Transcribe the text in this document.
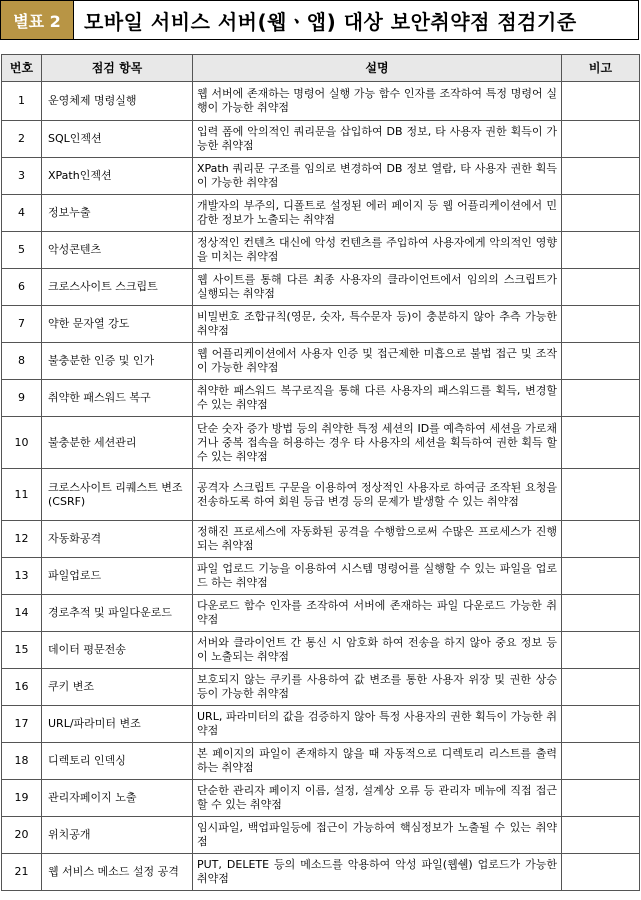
별표 2	모바일 서비스 서버(웹ㆍ앱) 대상 보안취약점 점검기준
번호	점검 항목	설명	비고
1	운영체제 명령실행	웹 서버에 존재하는 명령어 실행 가능 함수 인자를 조작하여 특정 명령어 실행이 가능한 취약점	
2	SQL인젝션	입력 폼에 악의적인 쿼리문을 삽입하여 DB 정보, 타 사용자 권한 획득이 가능한 취약점	
3	XPath인젝션	XPath 쿼리문 구조를 임의로 변경하여 DB 정보 열람, 타 사용자 권한 획득이 가능한 취약점	
4	정보누출	개발자의 부주의, 디폴트로 설정된 에러 페이지 등 웹 어플리케이션에서 민감한 정보가 노출되는 취약점	
5	악성콘텐츠	정상적인 컨텐츠 대신에 악성 컨텐츠를 주입하여 사용자에게 악의적인 영향을 미치는 취약점	
6	크로스사이트 스크립트	웹 사이트를 통해 다른 최종 사용자의 클라이언트에서 임의의 스크립트가 실행되는 취약점	
7	약한 문자열 강도	비밀번호 조합규칙(영문, 숫자, 특수문자 등)이 충분하지 않아 추측 가능한 취약점	
8	불충분한 인증 및 인가	웹 어플리케이션에서 사용자 인증 및 접근제한 미흡으로 불법 접근 및 조작이 가능한 취약점	
9	취약한 패스워드 복구	취약한 패스워드 복구로직을 통해 다른 사용자의 패스워드를 획득, 변경할 수 있는 취약점	
10	불충분한 세션관리	단순 숫자 증가 방법 등의 취약한 특정 세션의 ID를 예측하여 세션을 가로채거나 중복 접속을 허용하는 경우 타 사용자의 세션을 획득하여 권한 획득 할 수 있는 취약점	
11	크로스사이트 리퀘스트 변조(CSRF)	공격자 스크립트 구문을 이용하여 정상적인 사용자로 하여금 조작된 요청을 전송하도록 하여 회원 등급 변경 등의 문제가 발생할 수 있는 취약점	
12	자동화공격	정해진 프로세스에 자동화된 공격을 수행함으로써 수많은 프로세스가 진행되는 취약점	
13	파일업로드	파일 업로드 기능을 이용하여 시스템 명령어를 실행할 수 있는 파일을 업로드 하는 취약점	
14	경로추적 및 파일다운로드	다운로드 함수 인자를 조작하여 서버에 존재하는 파일 다운로드 가능한 취약점	
15	데이터 평문전송	서버와 클라이언트 간 통신 시 암호화 하여 전송을 하지 않아 중요 정보 등이 노출되는 취약점	
16	쿠키 변조	보호되지 않는 쿠키를 사용하여 값 변조를 통한 사용자 위장 및 권한 상승 등이 가능한 취약점	
17	URL/파라미터 변조	URL, 파라미터의 값을 검증하지 않아 특정 사용자의 권한 획득이 가능한 취약점	
18	디렉토리 인덱싱	본 페이지의 파일이 존재하지 않을 때 자동적으로 디렉토리 리스트를 출력하는 취약점	
19	관리자페이지 노출	단순한 관리자 페이지 이름, 설정, 설계상 오류 등 관리자 메뉴에 직접 접근할 수 있는 취약점	
20	위치공개	임시파일, 백업파일등에 접근이 가능하여 핵심정보가 노출될 수 있는 취약점	
21	웹 서비스 메소드 설정 공격	PUT, DELETE 등의 메소드를 악용하여 악성 파일(웹쉘) 업로드가 가능한 취약점	
